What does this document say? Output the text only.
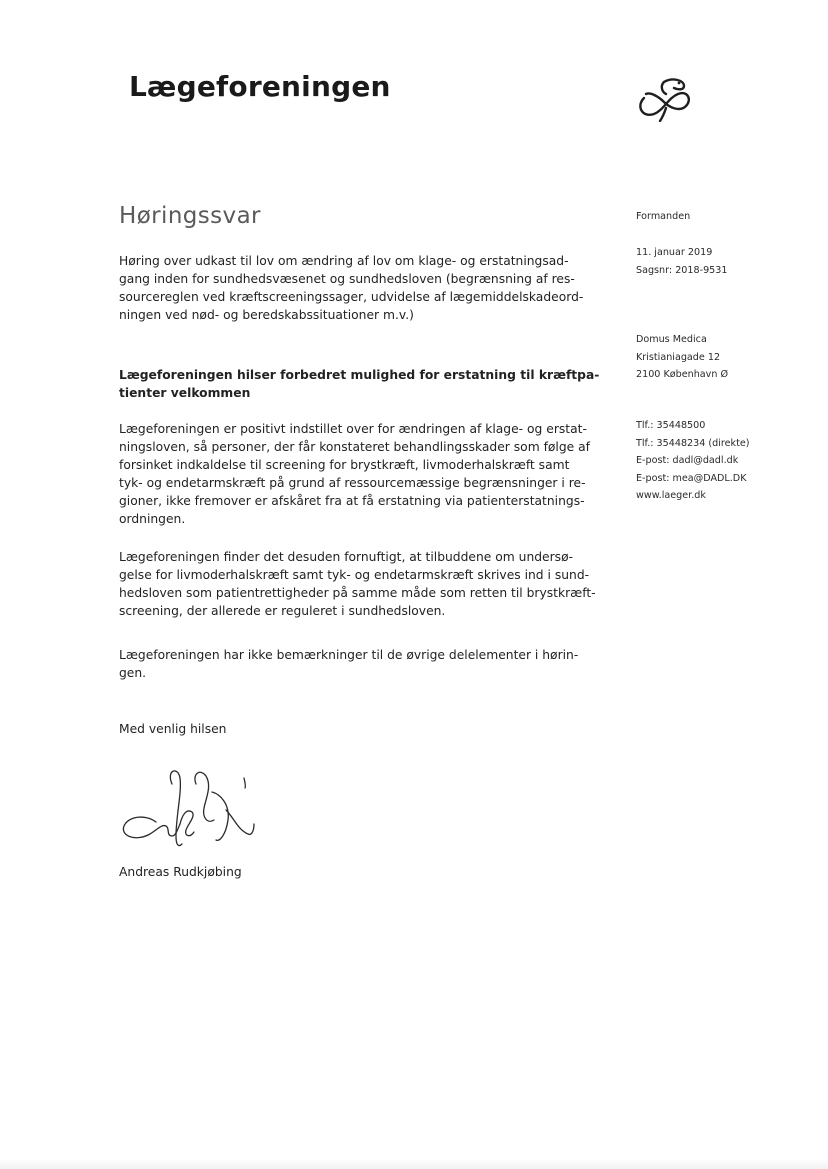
Lægeforeningen
Høringssvar
Høring over udkast til lov om ændring af lov om klage- og erstatningsad-
gang inden for sundhedsvæsenet og sundhedsloven (begrænsning af res-
sourcereglen ved kræftscreeningssager, udvidelse af lægemiddelskadeord-
ningen ved nød- og beredskabssituationer m.v.)
Lægeforeningen hilser forbedret mulighed for erstatning til kræftpa-
tienter velkommen
Lægeforeningen er positivt indstillet over for ændringen af klage- og erstat-
ningsloven, så personer, der får konstateret behandlingsskader som følge af
forsinket indkaldelse til screening for brystkræft, livmoderhalskræft samt
tyk- og endetarmskræft på grund af ressourcemæssige begrænsninger i re-
gioner, ikke fremover er afskåret fra at få erstatning via patienterstatnings-
ordningen.
Lægeforeningen finder det desuden fornuftigt, at tilbuddene om undersø-
gelse for livmoderhalskræft samt tyk- og endetarmskræft skrives ind i sund-
hedsloven som patientrettigheder på samme måde som retten til brystkræft-
screening, der allerede er reguleret i sundhedsloven.
Lægeforeningen har ikke bemærkninger til de øvrige delelementer i hørin-
gen.
Med venlig hilsen
Andreas Rudkjøbing
Formanden
11. januar 2019
Sagsnr: 2018-9531
Domus Medica
Kristianiagade 12
2100 København Ø
Tlf.: 35448500
Tlf.: 35448234 (direkte)
E-post: dadl@dadl.dk
E-post: mea@DADL.DK
www.laeger.dk
